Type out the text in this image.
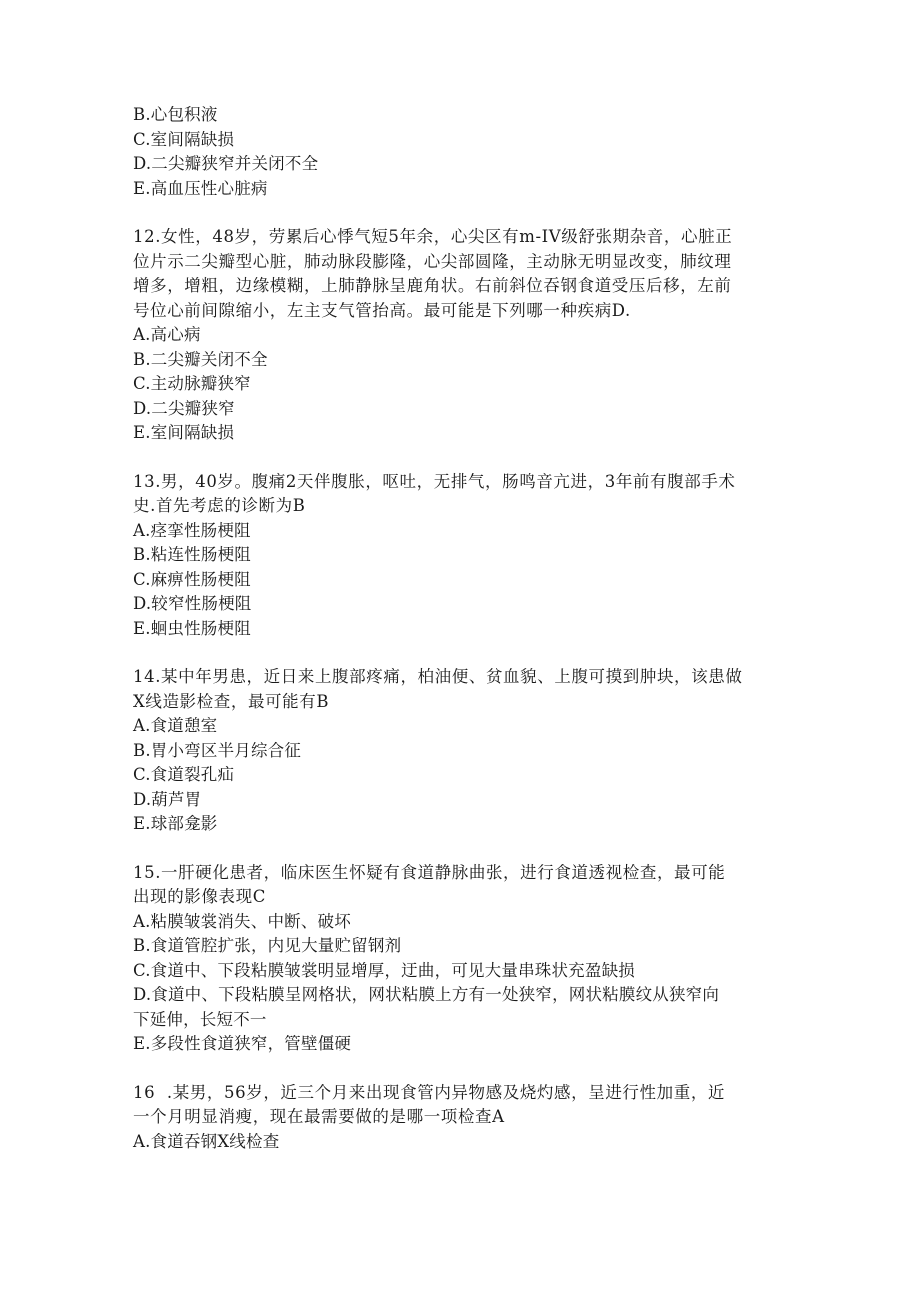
B.心包积液
C.室间隔缺损
D.二尖瓣狭窄并关闭不全
E.高血压性心脏病
12.女性，48岁，劳累后心悸气短5年余，心尖区有m-IV级舒张期杂音，心脏正
位片示二尖瓣型心脏，肺动脉段膨隆，心尖部圆隆，主动脉无明显改变，肺纹理
增多，增粗，边缘模糊，上肺静脉呈鹿角状。右前斜位吞钢食道受压后移，左前
号位心前间隙缩小，左主支气管抬高。最可能是下列哪一种疾病D.
A.高心病
B.二尖瓣关闭不全
C.主动脉瓣狭窄
D.二尖瓣狭窄
E.室间隔缺损
13.男，40岁。腹痛2天伴腹胀，呕吐，无排气，肠鸣音亢进，3年前有腹部手术
史.首先考虑的诊断为B
A.痉挛性肠梗阻
B.粘连性肠梗阻
C.麻痹性肠梗阻
D.较窄性肠梗阻
E.蛔虫性肠梗阻
14.某中年男患，近日来上腹部疼痛，柏油便、贫血貌、上腹可摸到肿块，该患做
X线造影检查，最可能有B
A.食道憩室
B.胃小弯区半月综合征
C.食道裂孔疝
D.葫芦胃
E.球部龛影
15.一肝硬化患者，临床医生怀疑有食道静脉曲张，进行食道透视检查，最可能
出现的影像表现C
A.粘膜皱裳消失、中断、破坏
B.食道管腔扩张，内见大量贮留钢剂
C.食道中、下段粘膜皱裳明显增厚，迂曲，可见大量串珠状充盈缺损
D.食道中、下段粘膜呈网格状，网状粘膜上方有一处狭窄，网状粘膜纹从狭窄向
下延伸，长短不一
E.多段性食道狭窄，管壁僵硬
16  .某男，56岁，近三个月来出现食管内异物感及烧灼感，呈进行性加重，近
一个月明显消瘦，现在最需要做的是哪一项检查A
A.食道吞钢X线检查
